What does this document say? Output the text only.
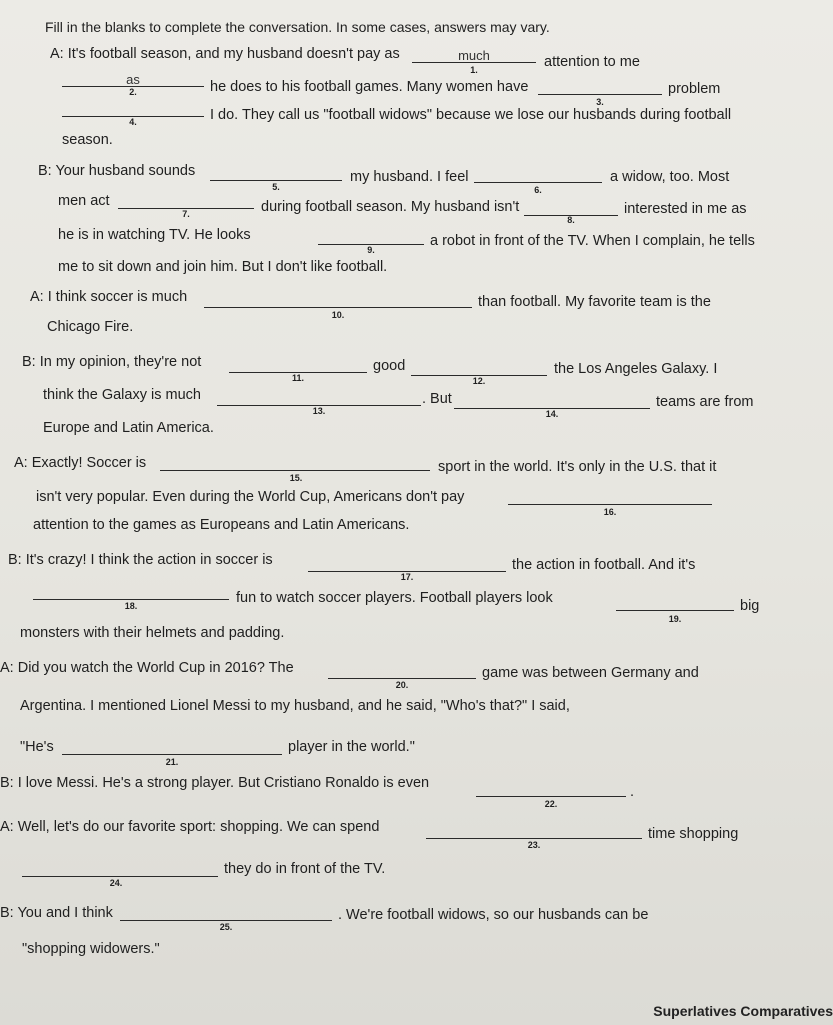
Fill in the blanks to complete the conversation. In some cases, answers may vary.
A: It's football season, and my husband doesn't pay as	much
1.	attention to me
as
2.	he does to his football games. Many women have
3.
problem
4.	I do. They call us "football widows" because we lose our husbands during football
season.
B: Your husband sounds
5.
my husband. I feel
6.
a widow, too. Most
men act
7.	during football season. My husband isn't
8.
interested in me as
he is in watching TV. He looks
9.
a robot in front of the TV. When I complain, he tells
me to sit down and join him. But I don't like football.
A: I think soccer is much
10.
than football. My favorite team is the
Chicago Fire.
B: In my opinion, they're not
11.
good
12.
the Los Angeles Galaxy. I
think the Galaxy is much
13.
. But
14.
teams are from
Europe and Latin America.
A: Exactly! Soccer is
15.
sport in the world. It's only in the U.S. that it
isn't very popular. Even during the World Cup, Americans don't pay
16.
attention to the games as Europeans and Latin Americans.
B: It's crazy! I think the action in soccer is
17.
the action in football. And it's
18.	fun to watch soccer players. Football players look
19.
big
monsters with their helmets and padding.
A: Did you watch the World Cup in 2016? The
20.
game was between Germany and
Argentina. I mentioned Lionel Messi to my husband, and he said, "Who's that?" I said,
"He's
21.
player in the world."
B: I love Messi. He's a strong player. But Cristiano Ronaldo is even
22.
.
A: Well, let's do our favorite sport: shopping. We can spend
23.
time shopping
24.
they do in front of the TV.
B: You and I think
25.
. We're football widows, so our husbands can be
"shopping widowers."
Superlatives Comparatives
